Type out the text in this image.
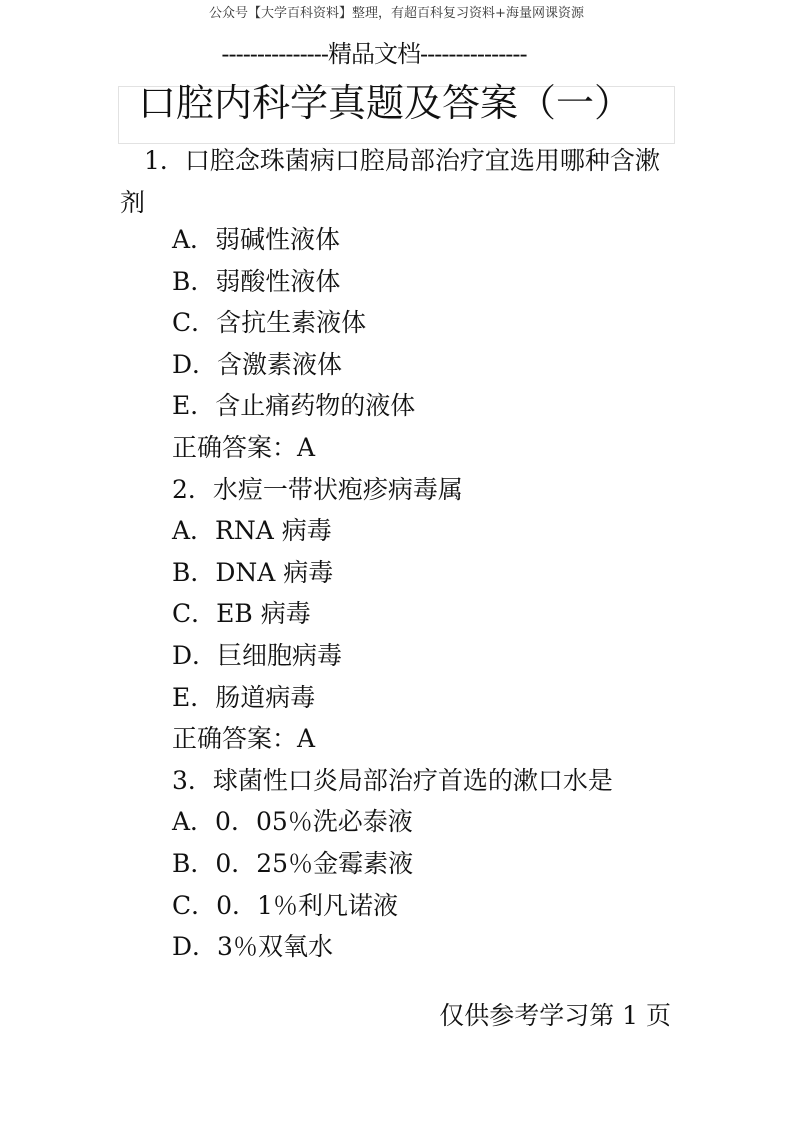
公众号【大学百科资料】整理，有超百科复习资料+海量网课资源
---------------精品文档---------------
口腔内科学真题及答案（一）
1．口腔念珠菌病口腔局部治疗宜选用哪种含漱剂
A．弱碱性液体
B．弱酸性液体
C．含抗生素液体
D．含激素液体
E．含止痛药物的液体
正确答案：A
2．水痘一带状疱疹病毒属
A．RNA 病毒
B．DNA 病毒
C．EB 病毒
D．巨细胞病毒
E．肠道病毒
正确答案：A
3．球菌性口炎局部治疗首选的漱口水是
A．0．05％洗必泰液
B．0．25％金霉素液
C．0．1％利凡诺液
D．3％双氧水
仅供参考学习第 1 页
